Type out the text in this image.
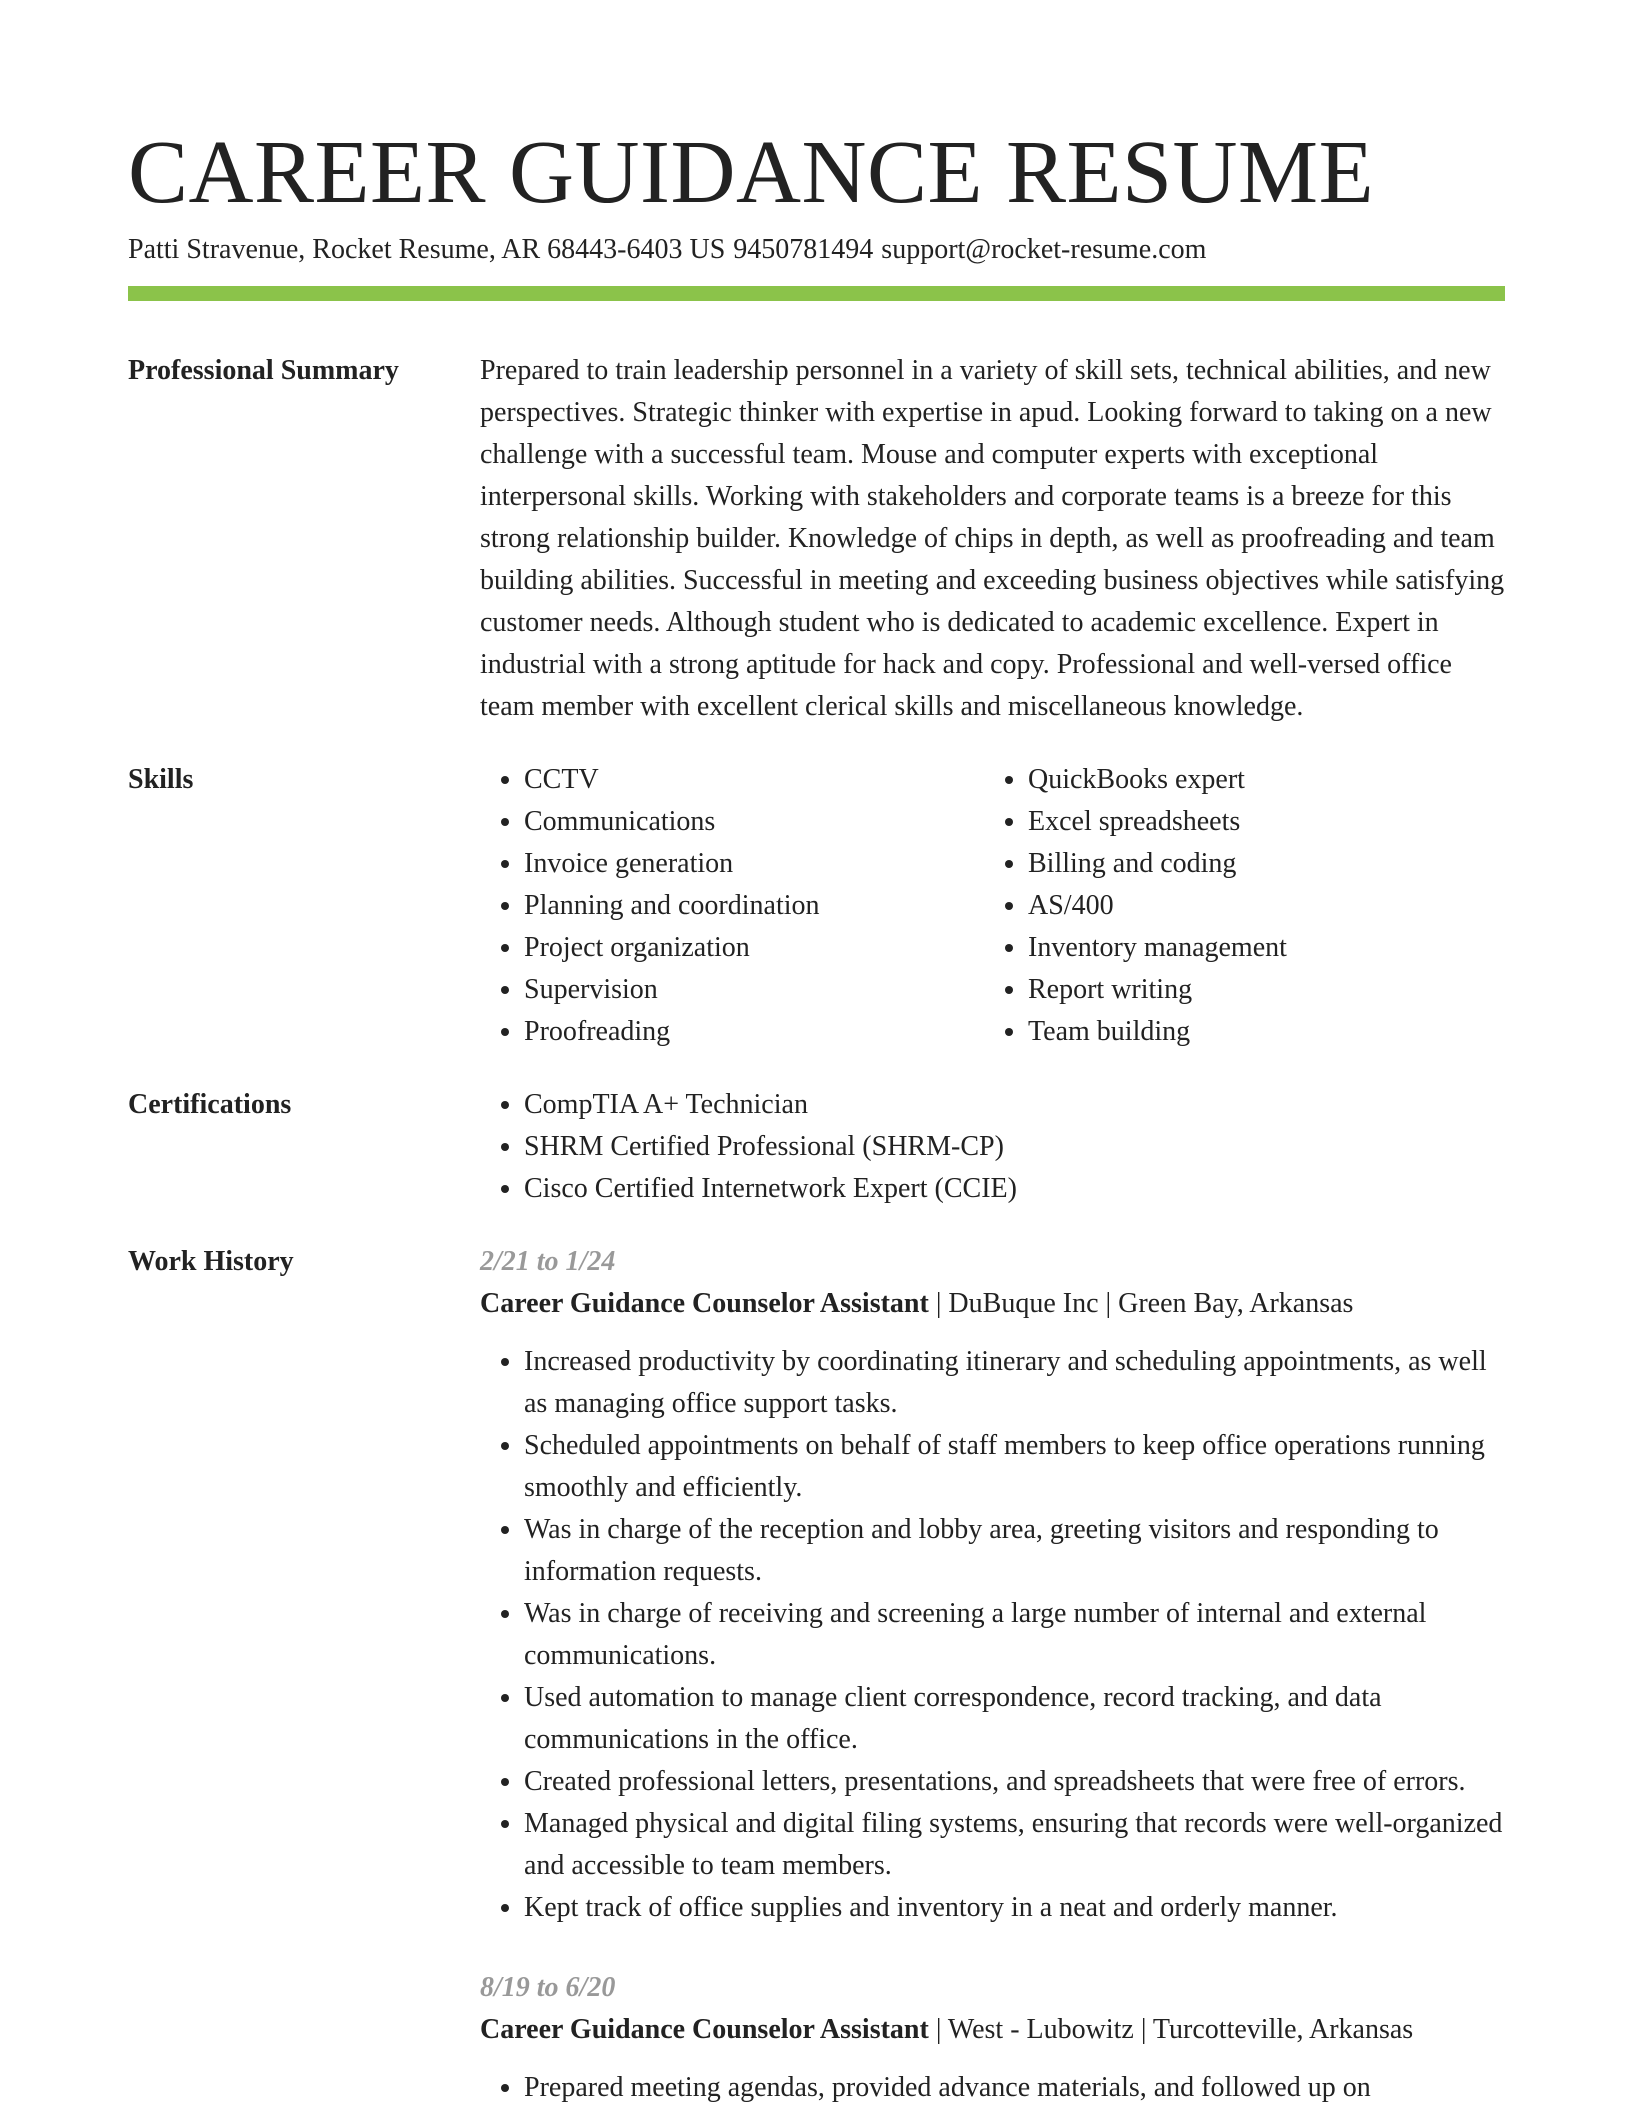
CAREER GUIDANCE RESUME
Patti Stravenue, Rocket Resume, AR 68443-6403 US 9450781494 support@rocket-resume.com
Professional Summary	Prepared to train leadership personnel in a variety of skill sets, technical abilities, and new perspectives. Strategic thinker with expertise in apud. Looking forward to taking on a new challenge with a successful team. Mouse and computer experts with exceptional interpersonal skills. Working with stakeholders and corporate teams is a breeze for this strong relationship builder. Knowledge of chips in depth, as well as proofreading and team building abilities. Successful in meeting and exceeding business objectives while satisfying customer needs. Although student who is dedicated to academic excellence. Expert in industrial with a strong aptitude for hack and copy. Professional and well-versed office team member with excellent clerical skills and miscellaneous knowledge.

Skills	• CCTV
• Communications
• Invoice generation
• Planning and coordination
• Project organization
• Supervision
• Proofreading
• QuickBooks expert
• Excel spreadsheets
• Billing and coding
• AS/400
• Inventory management
• Report writing
• Team building
Certifications	• CompTIA A+ Technician
• SHRM Certified Professional (SHRM-CP)
• Cisco Certified Internetwork Expert (CCIE)
Work History	2/21 to 1/24
Career Guidance Counselor Assistant | DuBuque Inc | Green Bay, Arkansas
• Increased productivity by coordinating itinerary and scheduling appointments, as well as managing office support tasks.
• Scheduled appointments on behalf of staff members to keep office operations running smoothly and efficiently.
• Was in charge of the reception and lobby area, greeting visitors and responding to information requests.
• Was in charge of receiving and screening a large number of internal and external communications.
• Used automation to manage client correspondence, record tracking, and data communications in the office.
• Created professional letters, presentations, and spreadsheets that were free of errors.
• Managed physical and digital filing systems, ensuring that records were well-organized and accessible to team members.
• Kept track of office supplies and inventory in a neat and orderly manner.
8/19 to 6/20
Career Guidance Counselor Assistant | West - Lubowitz | Turcotteville, Arkansas
• Prepared meeting agendas, provided advance materials, and followed up on
